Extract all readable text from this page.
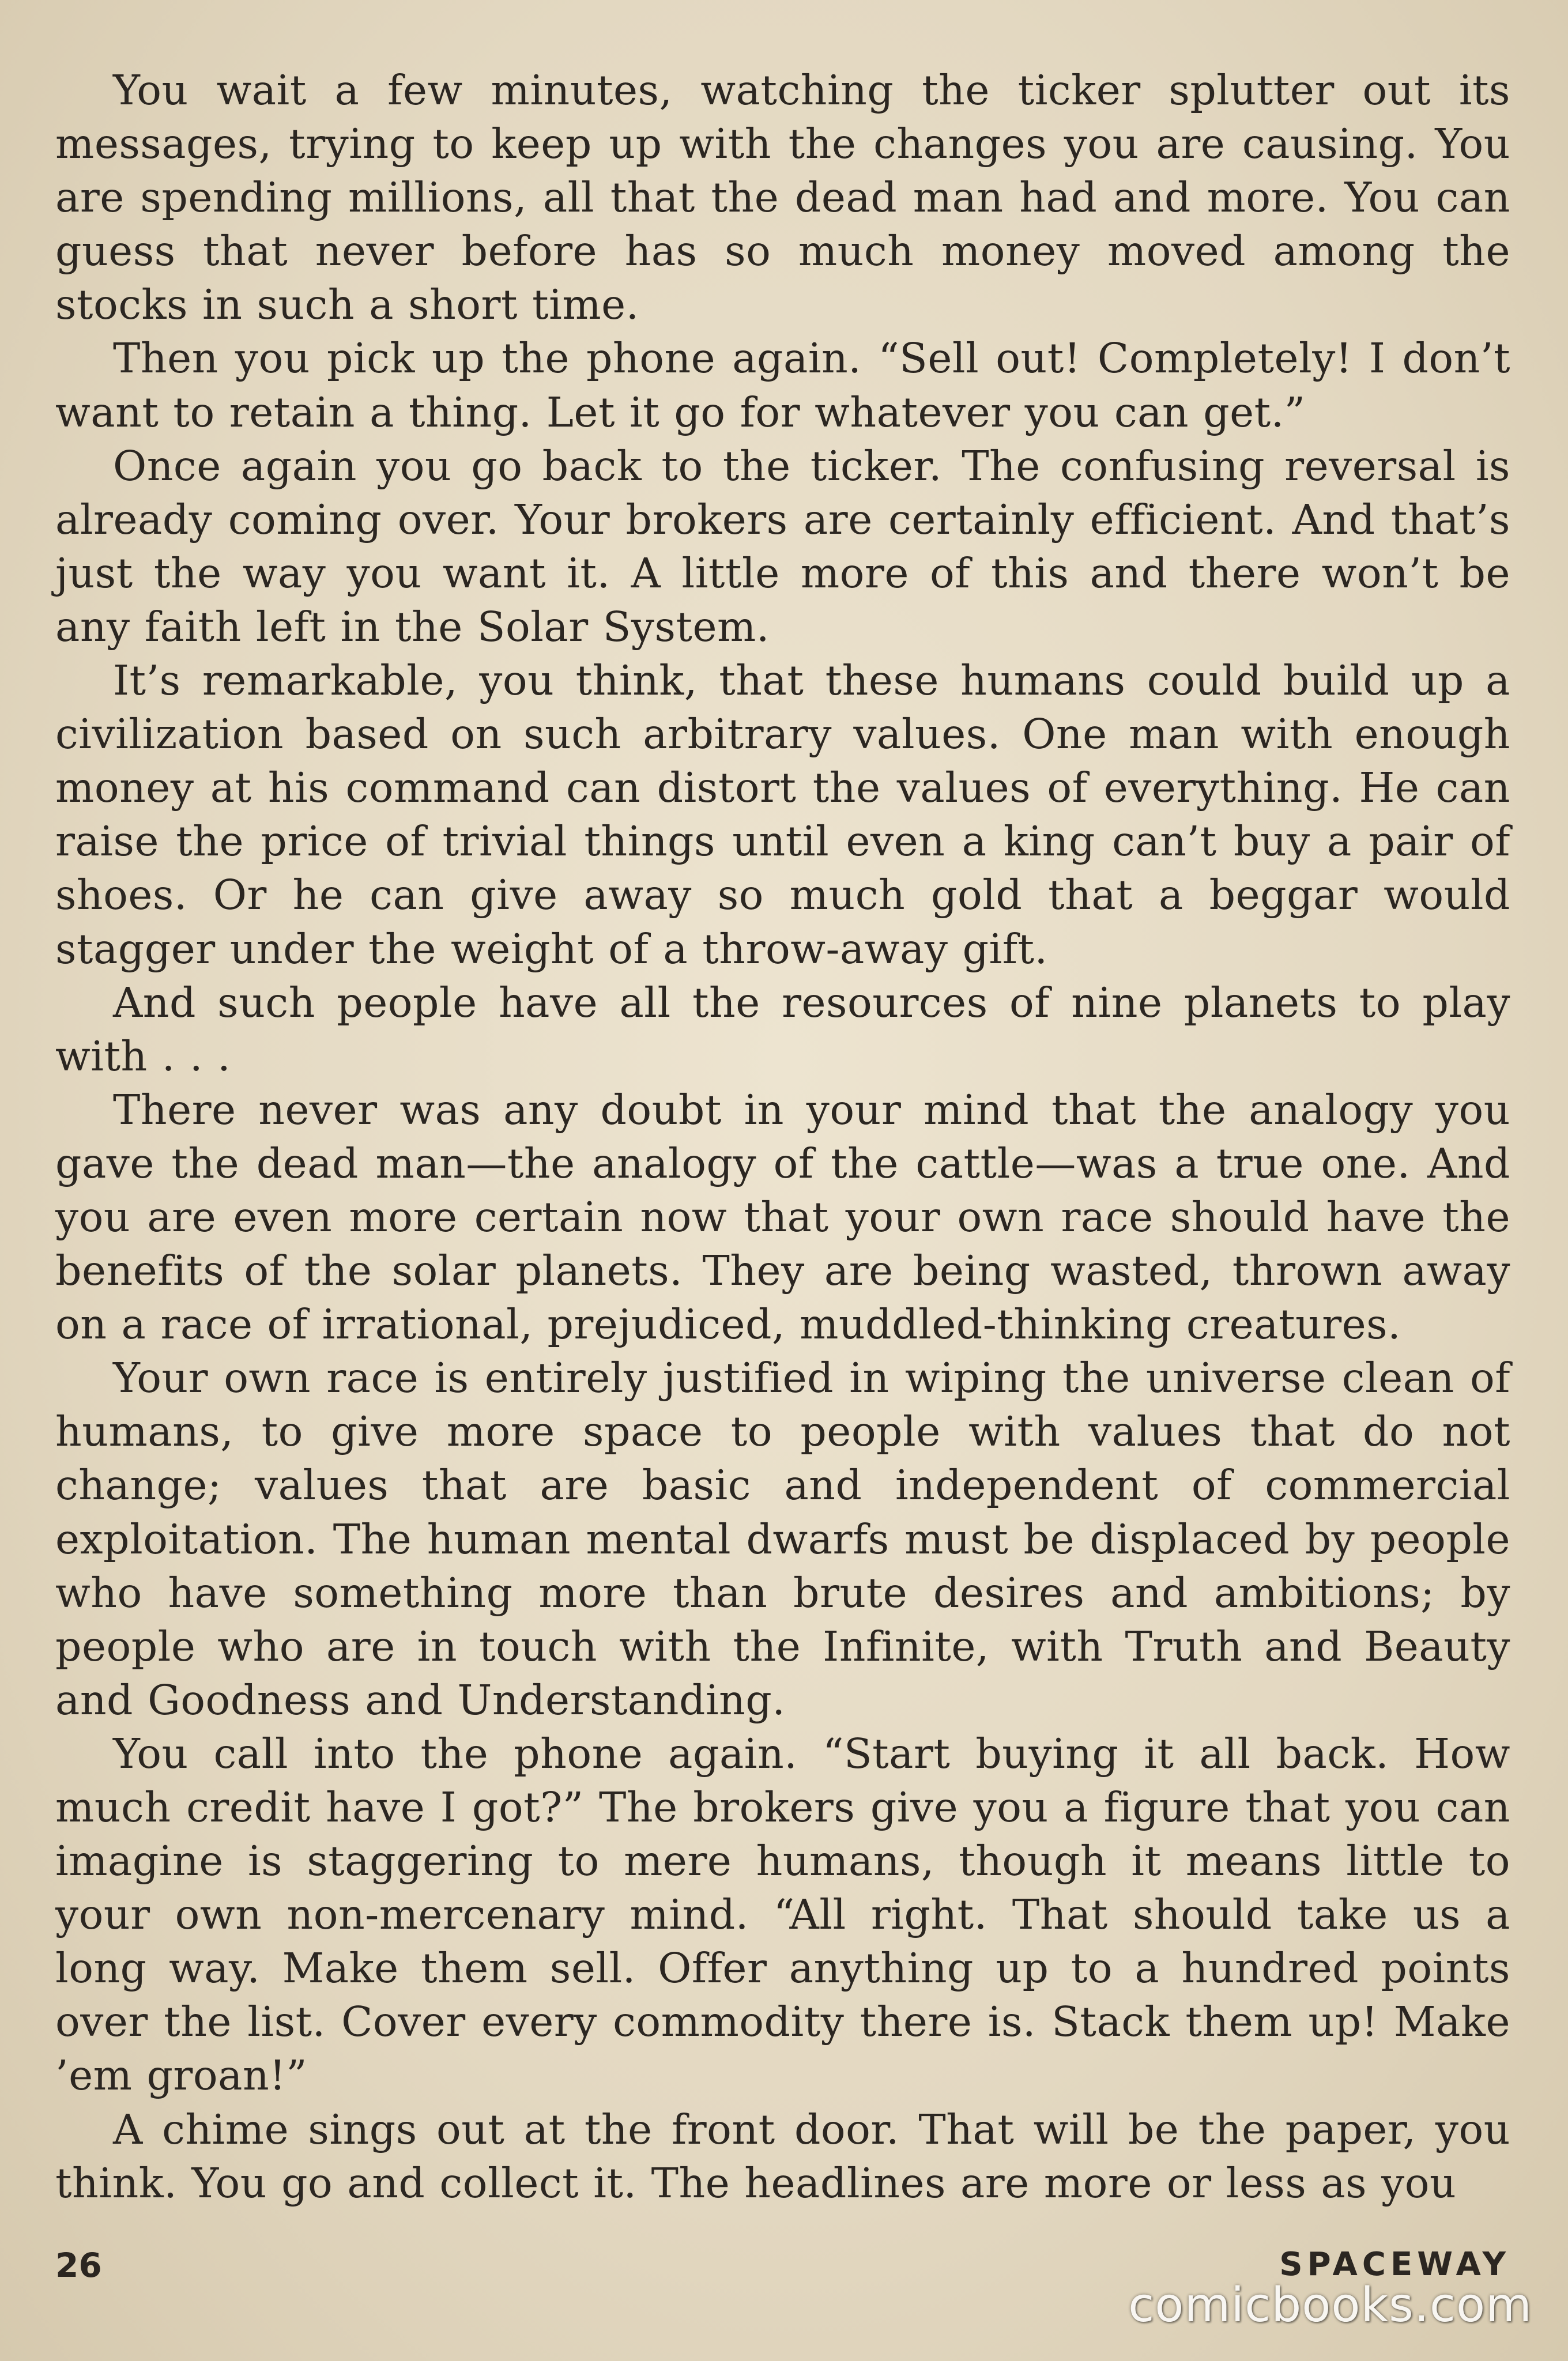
You wait a few minutes, watching the ticker splutter out its messages, trying to keep up with the changes you are causing. You are spending millions, all that the dead man had and more. You can guess that never before has so much money moved among the stocks in such a short time.

Then you pick up the phone again. “Sell out! Completely! I don’t want to retain a thing. Let it go for whatever you can get.”

Once again you go back to the ticker. The confusing reversal is already coming over. Your brokers are certainly efficient. And that’s just the way you want it. A little more of this and there won’t be any faith left in the Solar System.

It’s remarkable, you think, that these humans could build up a civilization based on such arbitrary values. One man with enough money at his command can distort the values of everything. He can raise the price of trivial things until even a king can’t buy a pair of shoes. Or he can give away so much gold that a beggar would stagger under the weight of a throw-away gift.

And such people have all the resources of nine planets to play with . . .

There never was any doubt in your mind that the analogy you gave the dead man—the analogy of the cattle—was a true one. And you are even more certain now that your own race should have the benefits of the solar planets. They are being wasted, thrown away on a race of irrational, prejudiced, muddled-thinking creatures.

Your own race is entirely justified in wiping the universe clean of humans, to give more space to people with values that do not change; values that are basic and independent of commercial exploitation. The human mental dwarfs must be displaced by people who have something more than brute desires and ambitions; by people who are in touch with the Infinite, with Truth and Beauty and Goodness and Understanding.

You call into the phone again. “Start buying it all back. How much credit have I got?” The brokers give you a figure that you can imagine is staggering to mere humans, though it means little to your own non-mercenary mind. “All right. That should take us a long way. Make them sell. Offer anything up to a hundred points over the list. Cover every commodity there is. Stack them up! Make ’em groan!”

A chime sings out at the front door. That will be the paper, you think. You go and collect it. The headlines are more or less as you

26	SPACEWAY
comicbooks.com
